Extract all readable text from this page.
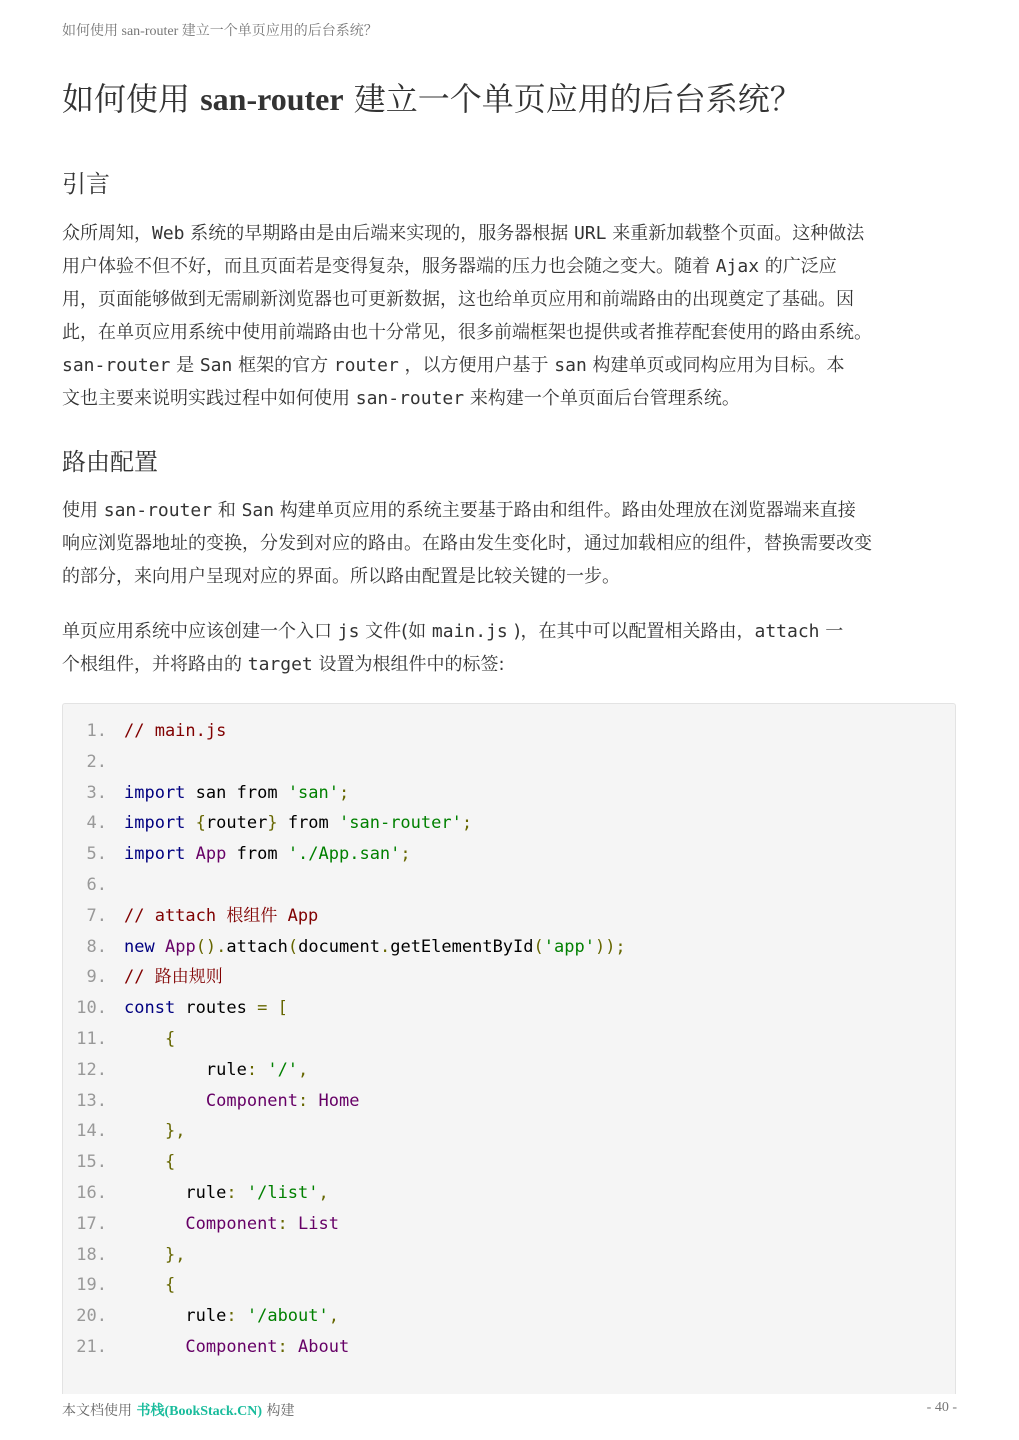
如何使用 san-router 建立一个单页应用的后台系统？
如何使用 san-router 建立一个单页应用的后台系统？
引言
众所周知，Web 系统的早期路由是由后端来实现的，服务器根据 URL 来重新加载整个页面。这种做法
用户体验不但不好，而且页面若是变得复杂，服务器端的压力也会随之变大。随着 Ajax 的广泛应
用，页面能够做到无需刷新浏览器也可更新数据，这也给单页应用和前端路由的出现奠定了基础。因
此，在单页应用系统中使用前端路由也十分常见，很多前端框架也提供或者推荐配套使用的路由系统。
san-router 是 San 框架的官方 router ，以方便用户基于 san 构建单页或同构应用为目标。本
文也主要来说明实践过程中如何使用 san-router 来构建一个单页面后台管理系统。
路由配置
使用 san-router 和 San 构建单页应用的系统主要基于路由和组件。路由处理放在浏览器端来直接
响应浏览器地址的变换，分发到对应的路由。在路由发生变化时，通过加载相应的组件，替换需要改变
的部分，来向用户呈现对应的界面。所以路由配置是比较关键的一步。
单页应用系统中应该创建一个入口 js 文件(如 main.js )，在其中可以配置相关路由，attach 一
个根组件，并将路由的 target 设置为根组件中的标签:
1. // main.js
2.
3. import san from 'san';
4. import {router} from 'san-router';
5. import App from './App.san';
6.
7. // attach 根组件 App
8. new App().attach(document.getElementById('app'));
9. // 路由规则
10. const routes = [
11.	{
12. rule: '/',
13.	Component: Home
14.	},
15.	{
16. rule: '/list',
17.	Component: List
18.	},
19.	{
20. rule: '/about',
21.	Component: About
本文档使用 书栈(BookStack.CN) 构建	- 40 -
